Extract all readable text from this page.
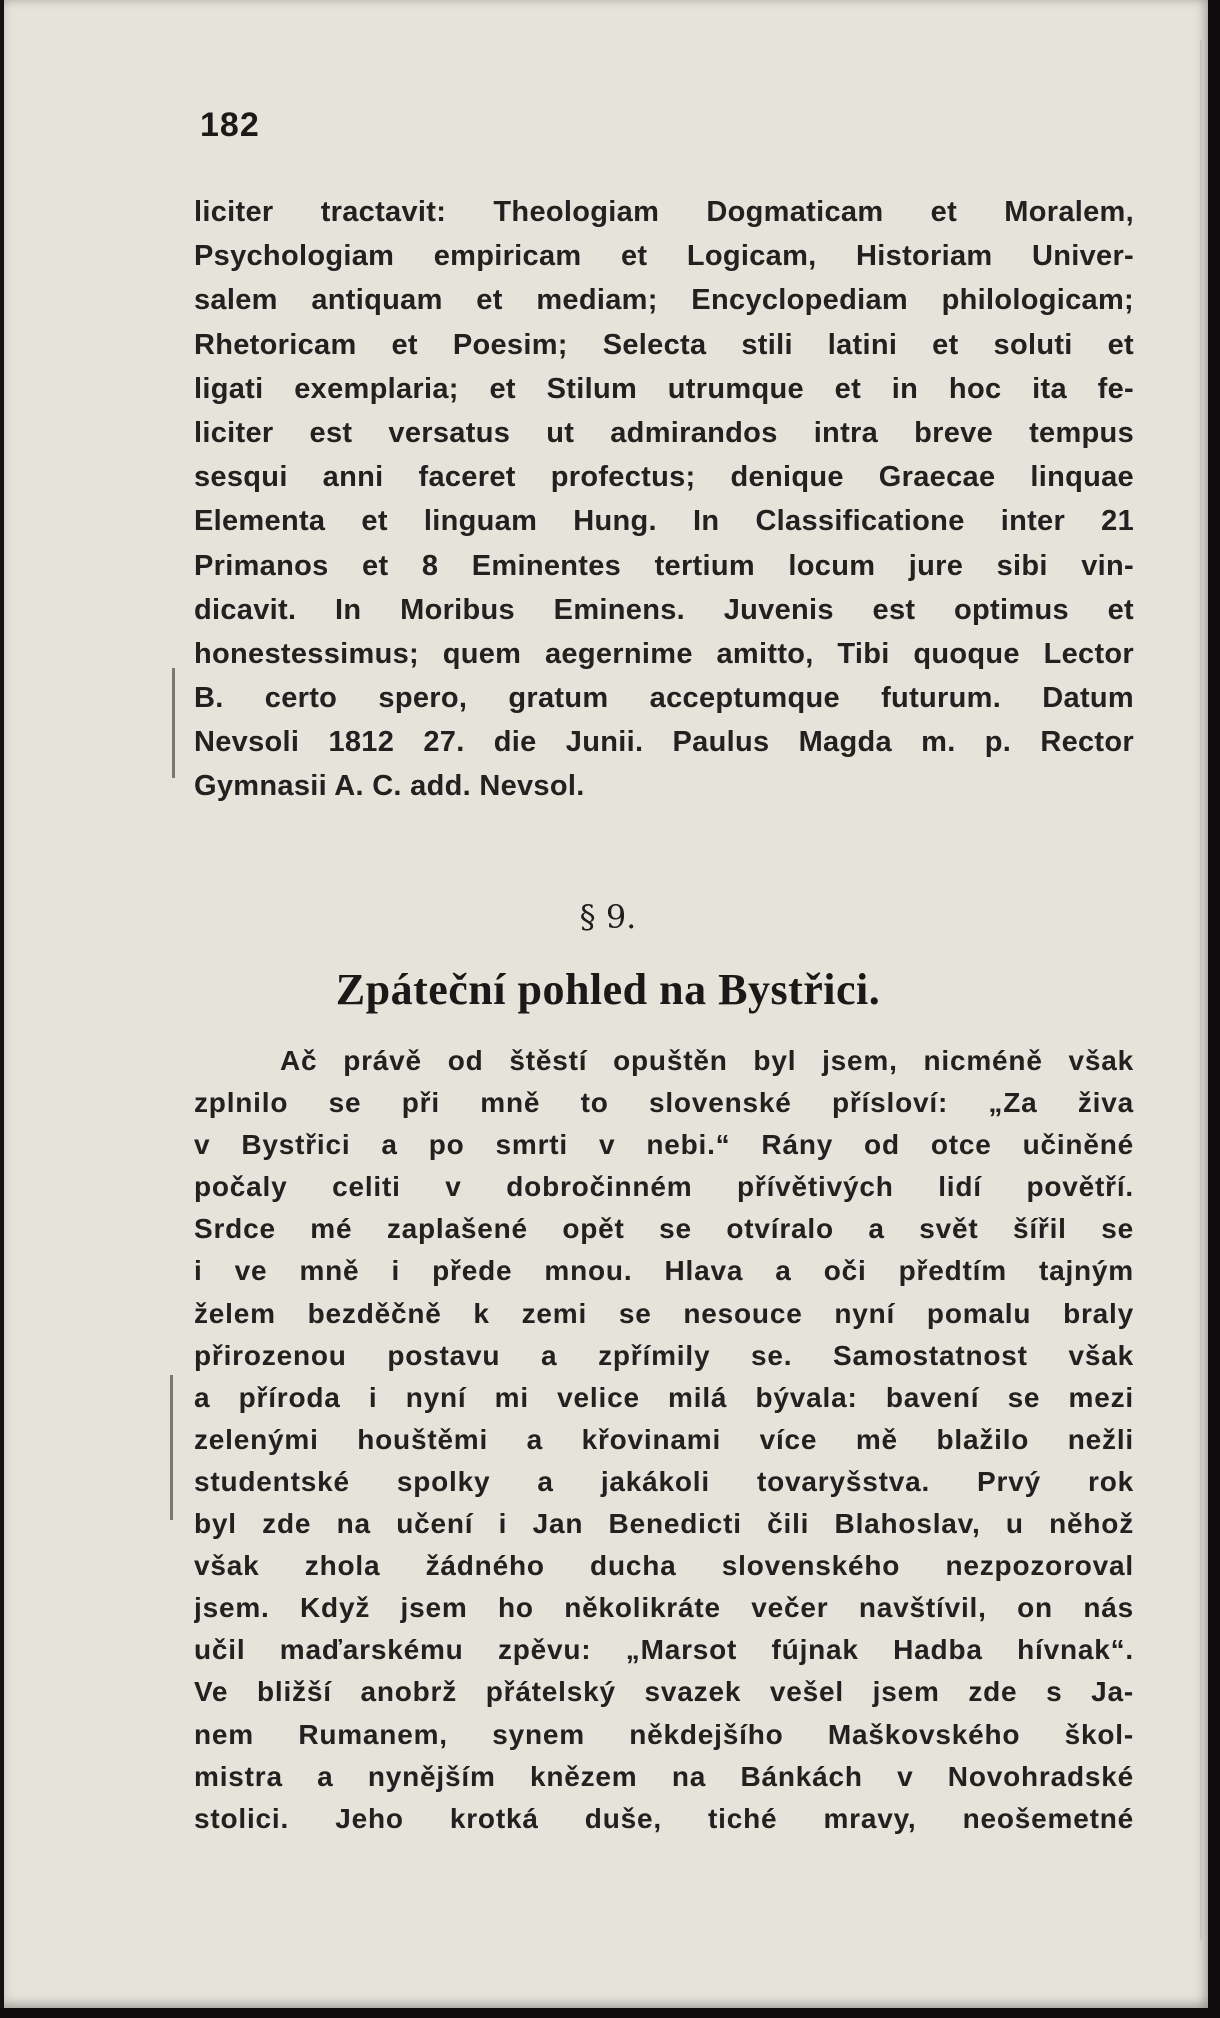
182
liciter tractavit: Theologiam Dogmaticam et Moralem,
Psychologiam empiricam et Logicam, Historiam Univer-
salem antiquam et mediam; Encyclopediam philologicam;
Rhetoricam et Poesim; Selecta stili latini et soluti et
ligati exemplaria; et Stilum utrumque et in hoc ita fe-
liciter est versatus ut admirandos intra breve tempus
sesqui anni faceret profectus; denique Graecae linquae
Elementa et linguam Hung. In Classificatione inter 21
Primanos et 8 Eminentes tertium locum jure sibi vin-
dicavit. In Moribus Eminens. Juvenis est optimus et
honestessimus; quem aegernime amitto, Tibi quoque Lector
B. certo spero, gratum acceptumque futurum. Datum
Nevsoli 1812 27. die Junii. Paulus Magda m. p. Rector
Gymnasii A. C. add. Nevsol.
§ 9.
Zpáteční pohled na Bystřici.
Ač právě od štěstí opuštěn byl jsem, nicméně však
zplnilo se při mně to slovenské přísloví: „Za živa
v Bystřici a po smrti v nebi.“ Rány od otce učiněné
počaly celiti v dobročinném přívětivých lidí povětří.
Srdce mé zaplašené opět se otvíralo a svět šířil se
i ve mně i přede mnou. Hlava a oči předtím tajným
želem bezděčně k zemi se nesouce nyní pomalu braly
přirozenou postavu a zpřímily se. Samostatnost však
a příroda i nyní mi velice milá bývala: bavení se mezi
zelenými houštěmi a křovinami více mě blažilo nežli
studentské spolky a jakákoli tovaryšstva. Prvý rok
byl zde na učení i Jan Benedicti čili Blahoslav, u něhož
však zhola žádného ducha slovenského nezpozoroval
jsem. Když jsem ho několikráte večer navštívil, on nás
učil maďarskému zpěvu: „Marsot fújnak Hadba hívnak“.
Ve bližší anobrž přátelský svazek vešel jsem zde s Ja-
nem Rumanem, synem někdejšího Maškovského škol-
mistra a nynějším knězem na Bánkách v Novohradské
stolici. Jeho krotká duše, tiché mravy, neošemetné
